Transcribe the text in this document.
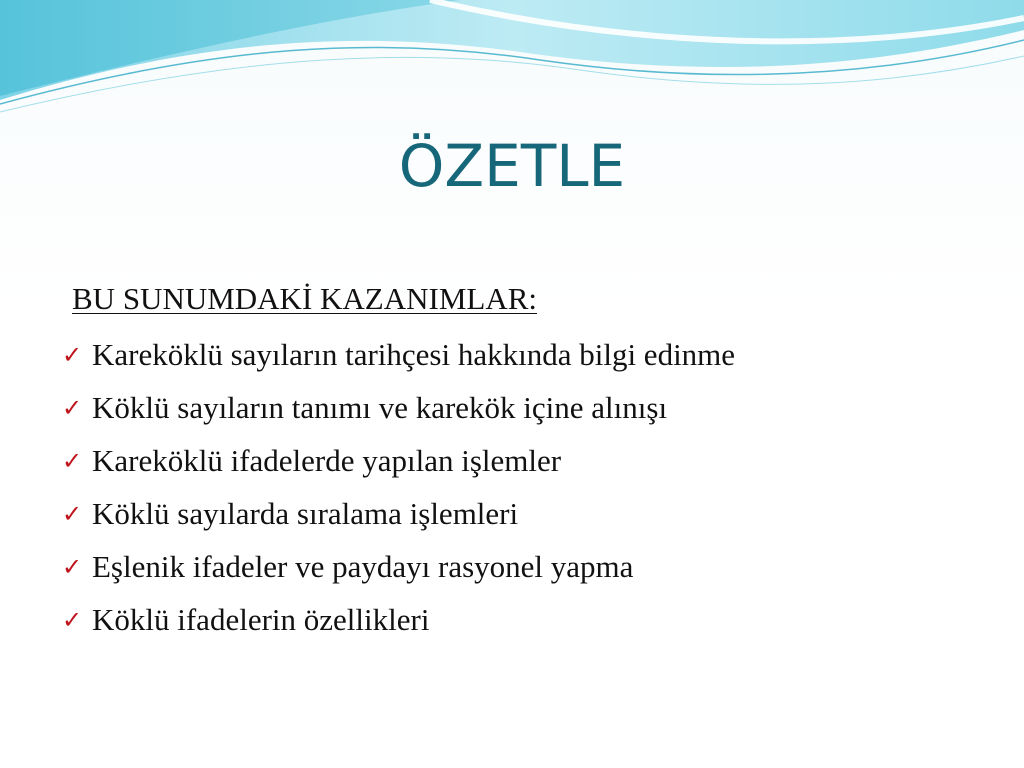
ÖZETLE
BU SUNUMDAKİ KAZANIMLAR:
✓ Kareköklü sayıların tarihçesi hakkında bilgi edinme
✓ Köklü sayıların tanımı ve karekök içine alınışı
✓ Kareköklü ifadelerde yapılan işlemler
✓ Köklü sayılarda sıralama işlemleri
✓ Eşlenik ifadeler ve paydayı rasyonel yapma
✓ Köklü ifadelerin özellikleri
